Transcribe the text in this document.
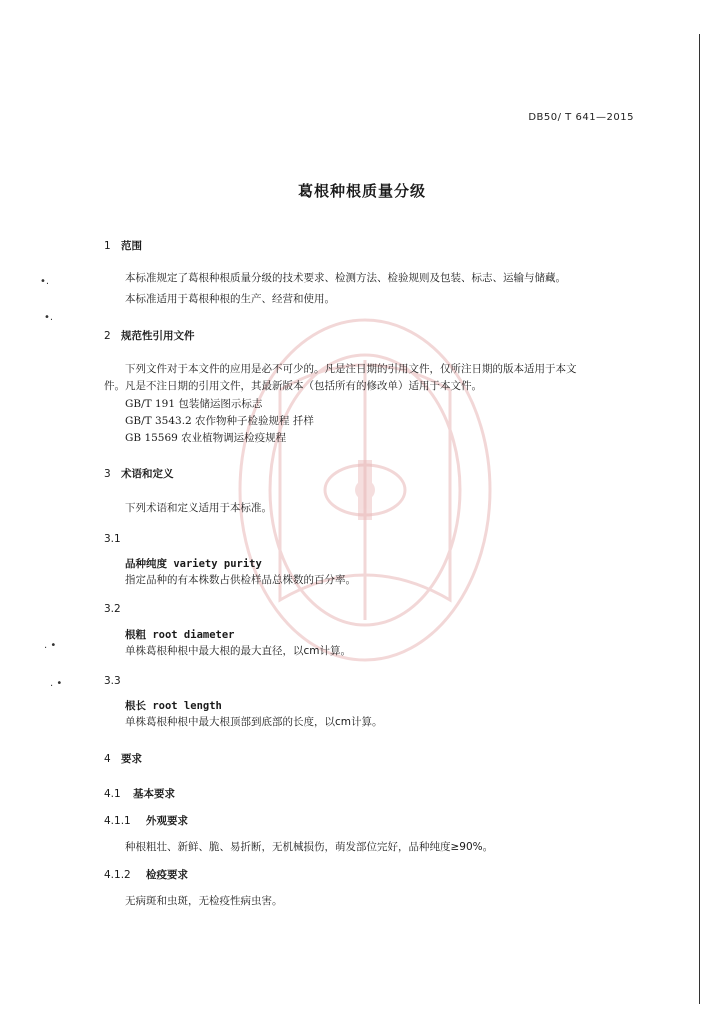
DB50/ T 641—2015
葛根种根质量分级
1 范围
本标准规定了葛根种根质量分级的技术要求、检测方法、检验规则及包装、标志、运输与储藏。
本标准适用于葛根种根的生产、经营和使用。
2 规范性引用文件
下列文件对于本文件的应用是必不可少的。凡是注日期的引用文件，仅所注日期的版本适用于本文
件。凡是不注日期的引用文件，其最新版本（包括所有的修改单）适用于本文件。
GB/T 191 包装储运图示标志
GB/T 3543.2 农作物种子检验规程 扦样
GB 15569 农业植物调运检疫规程
3 术语和定义
下列术语和定义适用于本标准。
3.1
品种纯度 variety purity
指定品种的有本株数占供检样品总株数的百分率。
3.2
根粗 root diameter
单株葛根种根中最大根的最大直径，以cm计算。
3.3
根长 root length
单株葛根种根中最大根顶部到底部的长度，以cm计算。
4 要求
4.1 基本要求
4.1.1 外观要求
种根粗壮、新鲜、脆、易折断，无机械损伤，萌发部位完好，品种纯度≥90%。
4.1.2 检疫要求
无病斑和虫斑，无检疫性病虫害。
•.
•.
. •
. •
